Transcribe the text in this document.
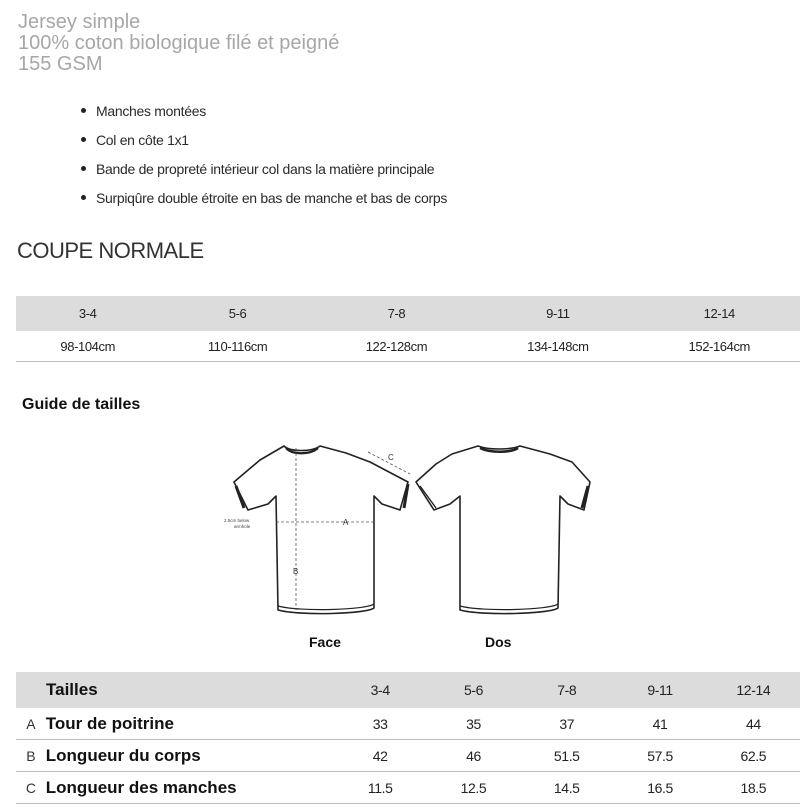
Jersey simple
100% coton biologique filé et peigné
155 GSM
Manches montées
Col en côte 1x1
Bande de propreté intérieur col dans la matière principale
Surpiqûre double étroite en bas de manche et bas de corps
COUPE NORMALE
3-4	5-6	7-8	9-11	12-14
98-104cm	110-116cm	122-128cm	134-148cm	152-164cm
Guide de tailles
A
B
C
2.5cm below
armhole
Face	Dos
Tailles		3-4	5-6	7-8	9-11	12-14
A	Tour de poitrine	33	35	37	41	44
B	Longueur du corps	42	46	51.5	57.5	62.5
C	Longueur des manches	11.5	12.5	14.5	16.5	18.5
